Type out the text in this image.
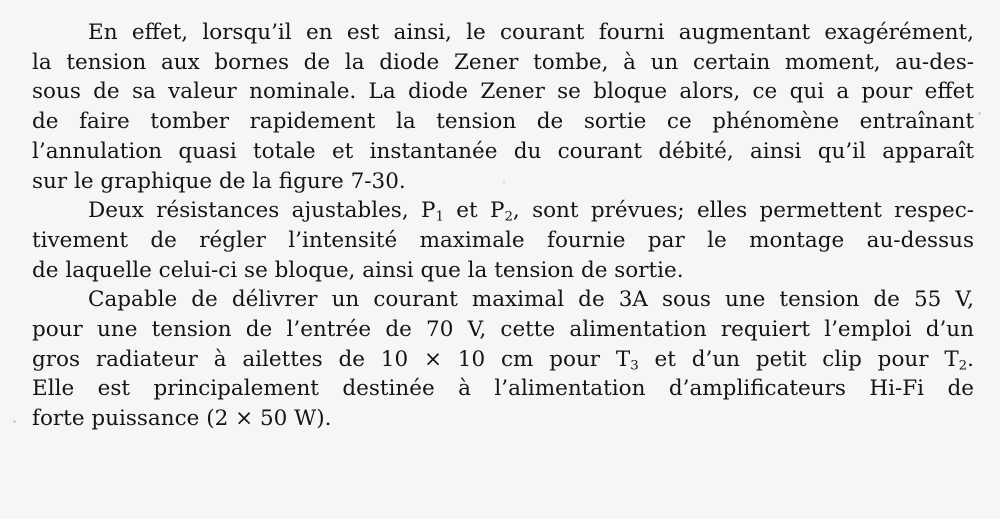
En effet, lorsqu’il en est ainsi, le courant fourni augmentant exagérément,
la tension aux bornes de la diode Zener tombe, à un certain moment, au-des-
sous de sa valeur nominale. La diode Zener se bloque alors, ce qui a pour effet
de faire tomber rapidement la tension de sortie ce phénomène entraînant
l’annulation quasi totale et instantanée du courant débité, ainsi qu’il apparaît
sur le graphique de la figure 7-30.

Deux résistances ajustables, $P_1$ et $P_2$, sont prévues; elles permettent respec-
tivement de régler l’intensité maximale fournie par le montage au-dessus
de laquelle celui-ci se bloque, ainsi que la tension de sortie.

Capable de délivrer un courant maximal de 3A sous une tension de 55 V,
pour une tension de l’entrée de 70 V, cette alimentation requiert l’emploi d’un
gros radiateur à ailettes de 10 × 10 cm pour $T_3$ et d’un petit clip pour $T_2$.
Elle est principalement destinée à l’alimentation d’amplificateurs Hi-Fi de
forte puissance (2 × 50 W).
